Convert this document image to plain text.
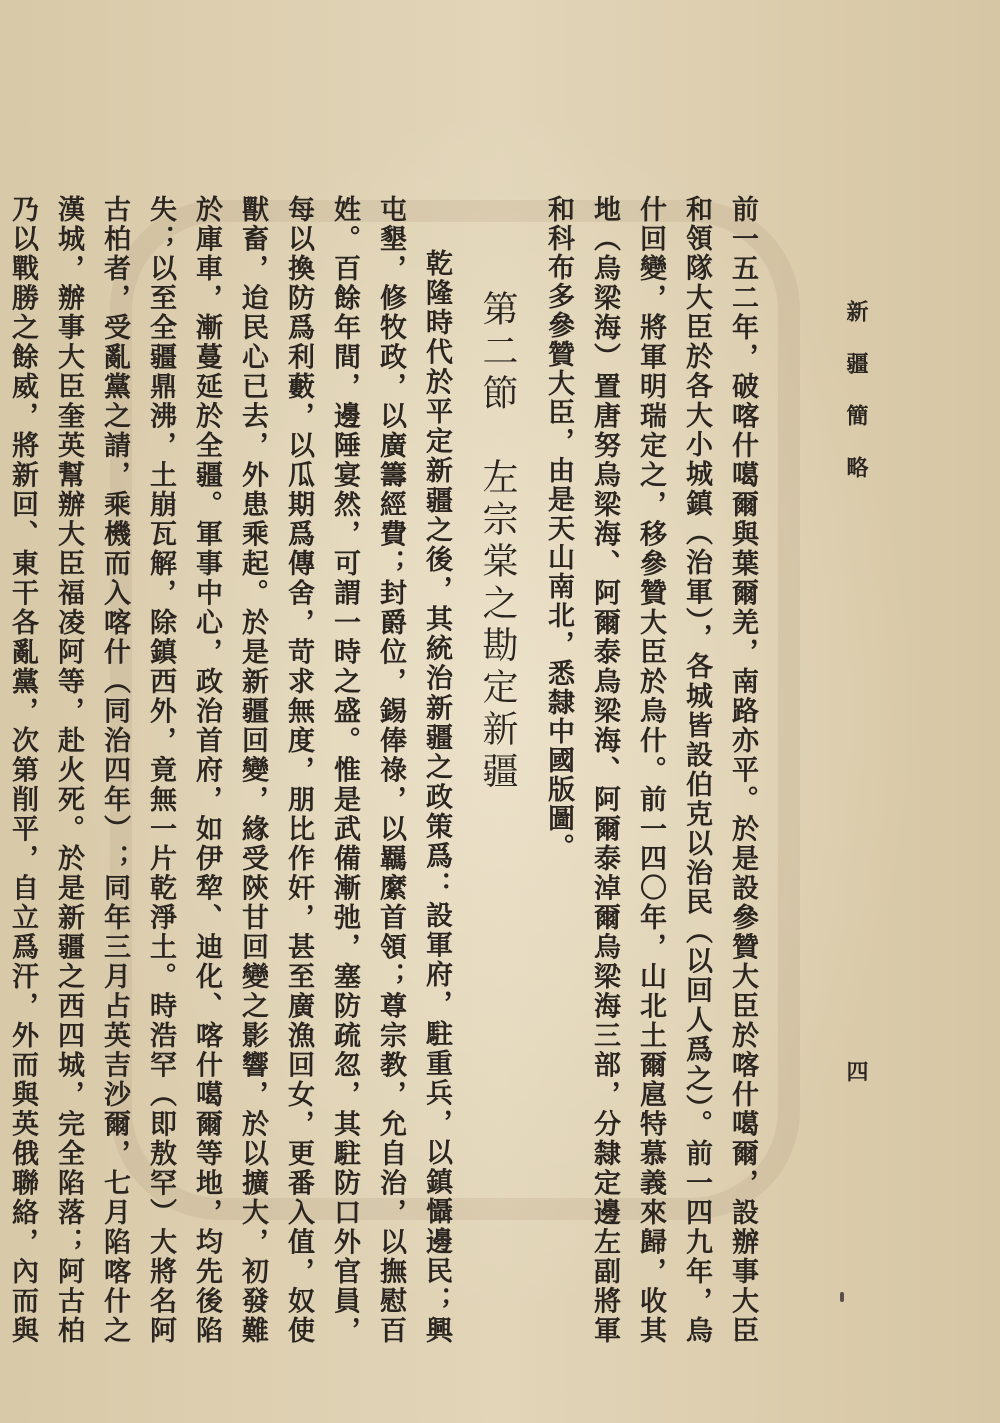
新疆簡略
四

前一五二年，破喀什噶爾與葉爾羌，南路亦平。於是設參贊大臣於喀什噶爾，設辦事大臣和領隊大臣於各大小城鎮（治軍），各城皆設伯克以治民（以回人爲之）。前一四九年，烏什回變，將軍明瑞定之，移參贊大臣於烏什。前一四〇年，山北土爾扈特慕義來歸，收其地（烏梁海）置唐努烏梁海、阿爾泰烏梁海、阿爾泰淖爾烏梁海三部，分隸定邊左副將軍和科布多參贊大臣，由是天山南北，悉隸中國版圖。

第二節　左宗棠之勘定新疆

乾隆時代於平定新疆之後，其統治新疆之政策爲：設軍府，駐重兵，以鎮懾邊民；興屯墾，修牧政，以廣籌經費；封爵位，錫俸祿，以羈縻首領；尊宗教，允自治，以撫慰百姓。百餘年間，邊陲宴然，可謂一時之盛。惟是武備漸弛，塞防疏忽，其駐防口外官員，每以換防爲利藪，以瓜期爲傳舍，苛求無度，朋比作奸，甚至廣漁回女，更番入值，奴使獸畜，迨民心已去，外患乘起。於是新疆回變，緣受陝甘回變之影響，於以擴大，初發難於庫車，漸蔓延於全疆。軍事中心，政治首府，如伊犂、迪化、喀什噶爾等地，均先後陷失；以至全疆鼎沸，土崩瓦解，除鎮西外，竟無一片乾淨土。時浩罕（即敖罕）大將名阿古柏者，受亂黨之請，乘機而入喀什（同治四年）；同年三月占英吉沙爾，七月陷喀什之漢城，辦事大臣奎英幫辦大臣福凌阿等，赴火死。於是新疆之西四城，完全陷落；阿古柏乃以戰勝之餘威，將新回、東干各亂黨，次第削平，自立爲汗，外而與英俄聯絡，內而與
